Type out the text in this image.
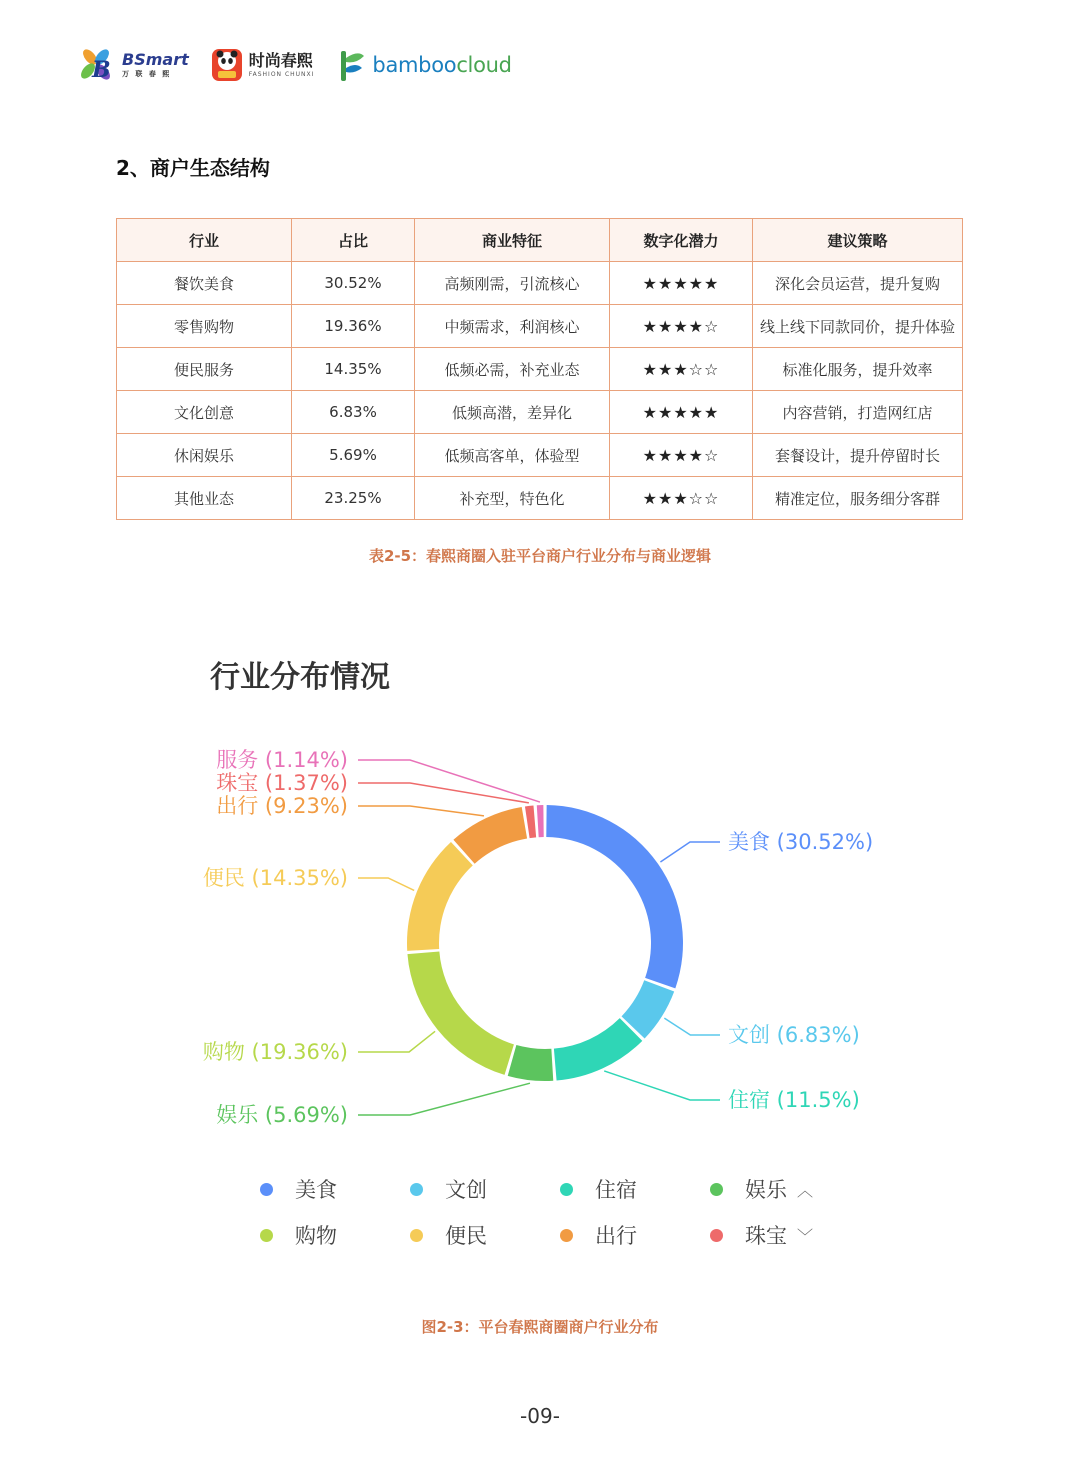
B BSmart
万 联 春 熙
时尚春熙
FASHION CHUNXI	bamboocloud
2、商户生态结构
行业	占比	商业特征	数字化潜力	建议策略
餐饮美食	30.52%	高频刚需，引流核心	★★★★★	深化会员运营，提升复购
零售购物	19.36%	中频需求，利润核心	★★★★☆	线上线下同款同价，提升体验
便民服务	14.35%	低频必需，补充业态	★★★☆☆	标准化服务，提升效率
文化创意	6.83%	低频高潜，差异化	★★★★★	内容营销，打造网红店
休闲娱乐	5.69%	低频高客单，体验型	★★★★☆	套餐设计，提升停留时长
其他业态	23.25%	补充型，特色化	★★★☆☆	精准定位，服务细分客群
表2-5：春熙商圈入驻平台商户行业分布与商业逻辑
行业分布情况
美食 (30.52%)
文创 (6.83%)
住宿 (11.5%)
娱乐 (5.69%)
购物 (19.36%)
便民 (14.35%)
出行 (9.23%)
珠宝 (1.37%)
服务 (1.14%)
美食	文创	住宿	娱乐 ︿
购物	便民	出行	珠宝 ﹀
图2-3：平台春熙商圈商户行业分布
-09-
